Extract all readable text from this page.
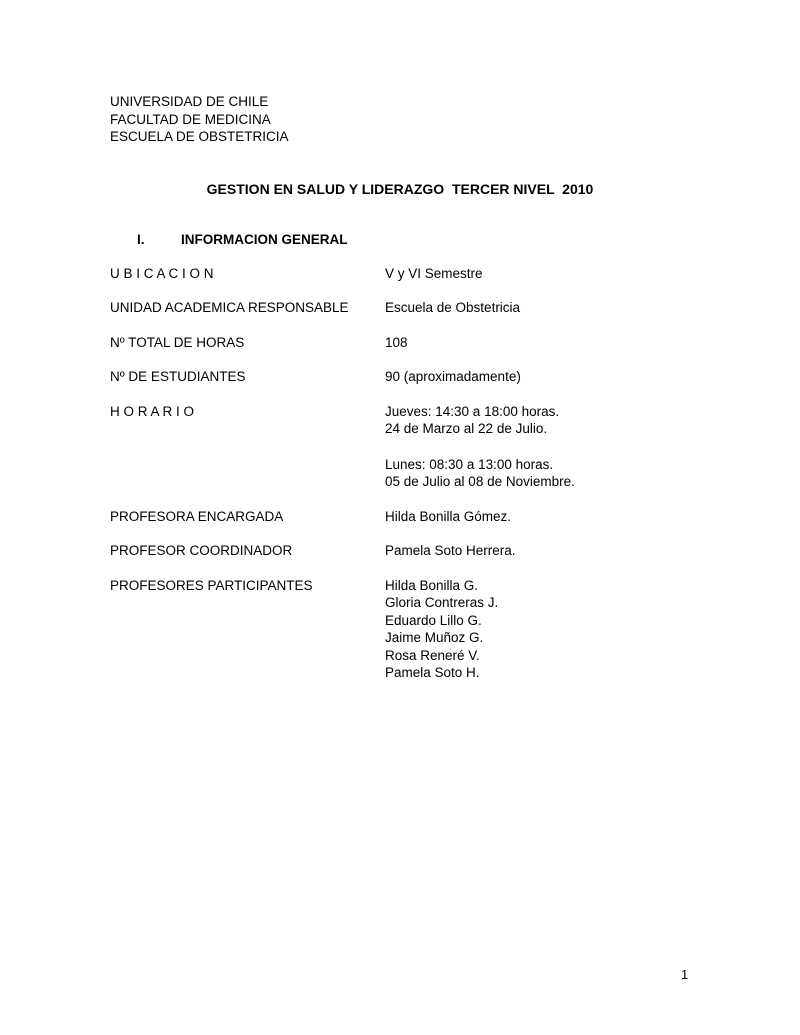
UNIVERSIDAD DE CHILE
FACULTAD DE MEDICINA
ESCUELA DE OBSTETRICIA
GESTION EN SALUD Y LIDERAZGO  TERCER NIVEL  2010
I.	INFORMACION GENERAL
U B I C A C I O N	V y VI Semestre
UNIDAD ACADEMICA RESPONSABLE	Escuela de Obstetricia
Nº TOTAL DE HORAS	108
Nº DE ESTUDIANTES	90 (aproximadamente)
H O R A R I O	Jueves: 14:30 a 18:00 horas.
24 de Marzo al 22 de Julio.
Lunes: 08:30 a 13:00 horas.
05 de Julio al 08 de Noviembre.
PROFESORA ENCARGADA	Hilda Bonilla Gómez.
PROFESOR COORDINADOR	Pamela Soto Herrera.
PROFESORES PARTICIPANTES	Hilda Bonilla G.
Gloria Contreras J.
Eduardo Lillo G.
Jaime Muñoz G.
Rosa Reneré V.
Pamela Soto H.
1
